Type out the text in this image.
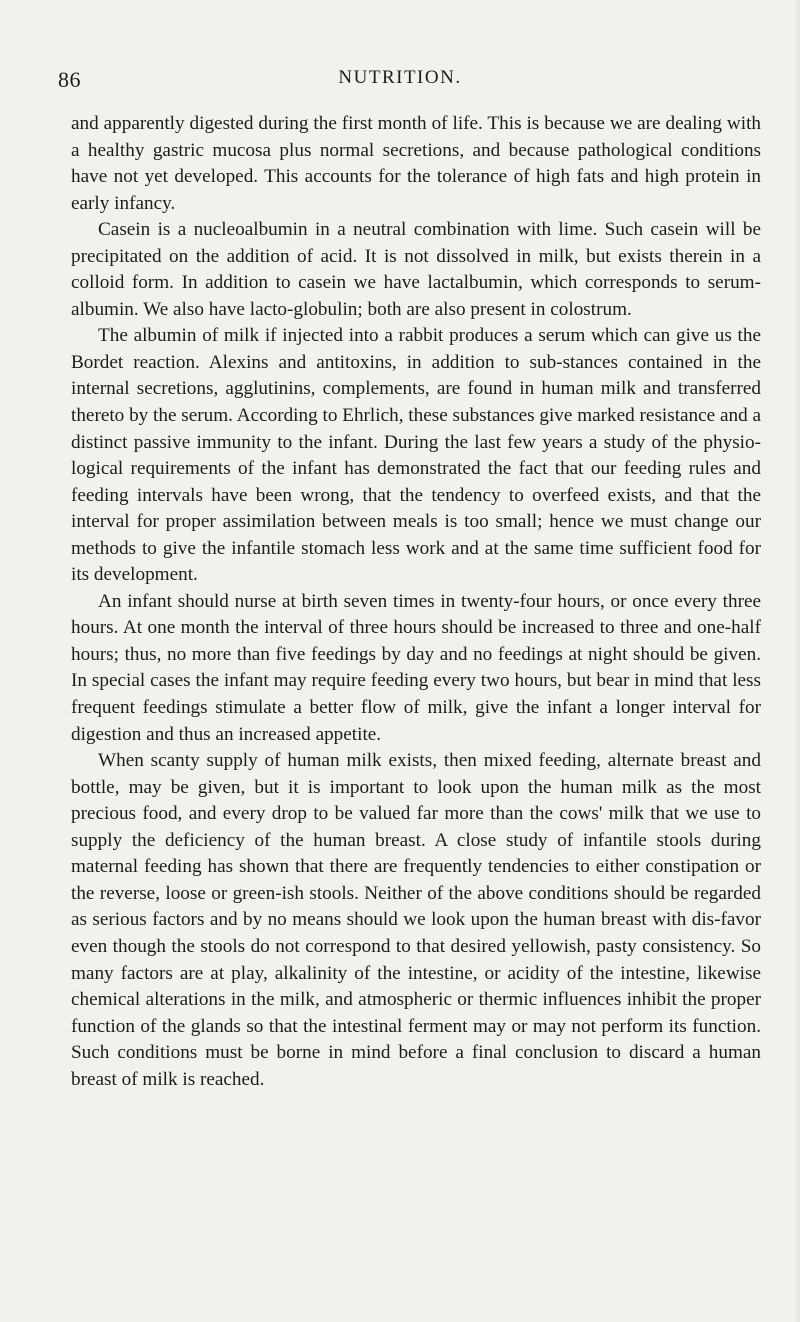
86	NUTRITION.

and apparently digested during the first month of life. This is because we are dealing with a healthy gastric mucosa plus normal secretions, and because pathological conditions have not yet developed. This accounts for the tolerance of high fats and high protein in early infancy.

Casein is a nucleoalbumin in a neutral combination with lime. Such casein will be precipitated on the addition of acid. It is not dissolved in milk, but exists therein in a colloid form. In addition to casein we have lactalbumin, which corresponds to serum-albumin. We also have lacto-globulin; both are also present in colostrum.

The albumin of milk if injected into a rabbit produces a serum which can give us the Bordet reaction. Alexins and antitoxins, in addition to sub-stances contained in the internal secretions, agglutinins, complements, are found in human milk and transferred thereto by the serum. According to Ehrlich, these substances give marked resistance and a distinct passive immunity to the infant. During the last few years a study of the physio-logical requirements of the infant has demonstrated the fact that our feeding rules and feeding intervals have been wrong, that the tendency to overfeed exists, and that the interval for proper assimilation between meals is too small; hence we must change our methods to give the infantile stomach less work and at the same time sufficient food for its development.

An infant should nurse at birth seven times in twenty-four hours, or once every three hours. At one month the interval of three hours should be increased to three and one-half hours; thus, no more than five feedings by day and no feedings at night should be given. In special cases the infant may require feeding every two hours, but bear in mind that less frequent feedings stimulate a better flow of milk, give the infant a longer interval for digestion and thus an increased appetite.

When scanty supply of human milk exists, then mixed feeding, alternate breast and bottle, may be given, but it is important to look upon the human milk as the most precious food, and every drop to be valued far more than the cows' milk that we use to supply the deficiency of the human breast. A close study of infantile stools during maternal feeding has shown that there are frequently tendencies to either constipation or the reverse, loose or green-ish stools. Neither of the above conditions should be regarded as serious factors and by no means should we look upon the human breast with dis-favor even though the stools do not correspond to that desired yellowish, pasty consistency. So many factors are at play, alkalinity of the intestine, or acidity of the intestine, likewise chemical alterations in the milk, and atmospheric or thermic influences inhibit the proper function of the glands so that the intestinal ferment may or may not perform its function. Such conditions must be borne in mind before a final conclusion to discard a human breast of milk is reached.
